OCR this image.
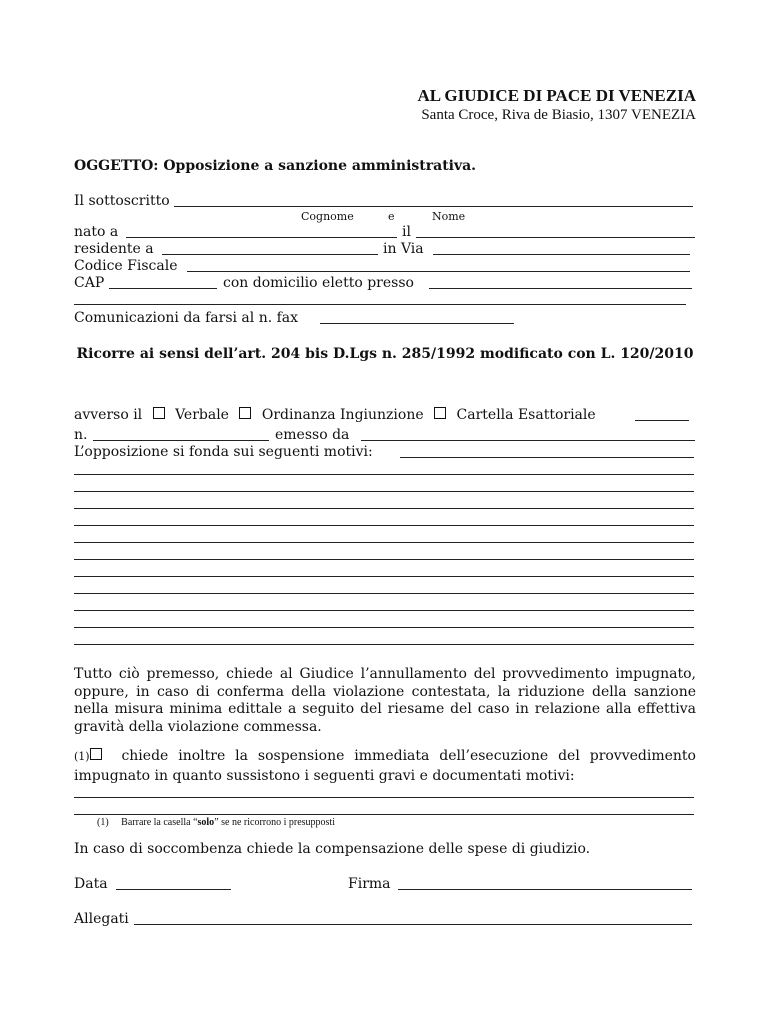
AL GIUDICE DI PACE DI VENEZIA
Santa Croce, Riva de Biasio, 1307 VENEZIA
OGGETTO: Opposizione a sanzione amministrativa.
Il sottoscritto
Cognome	e	Nome
nato a	il
residente a	in Via
Codice Fiscale
CAP	con domicilio eletto presso
Comunicazioni da farsi al n. fax
Ricorre ai sensi dell’art. 204 bis D.Lgs n. 285/1992 modificato con L. 120/2010
avverso il Verbale Ordinanza Ingiunzione Cartella Esattoriale
n.	emesso da
L’opposizione si fonda sui seguenti motivi:
Tutto ciò premesso, chiede al Giudice l’annullamento del provvedimento impugnato, oppure, in caso di conferma della violazione contestata, la riduzione della sanzione nella misura minima edittale a seguito del riesame del caso in relazione alla effettiva gravità della violazione commessa.
(1) chiede inoltre la sospensione immediata dell’esecuzione del provvedimento impugnato in quanto sussistono i seguenti gravi e documentati motivi:
(1) Barrare la casella “solo” se ne ricorrono i presupposti
In caso di soccombenza chiede la compensazione delle spese di giudizio.
Data	Firma
Allegati
